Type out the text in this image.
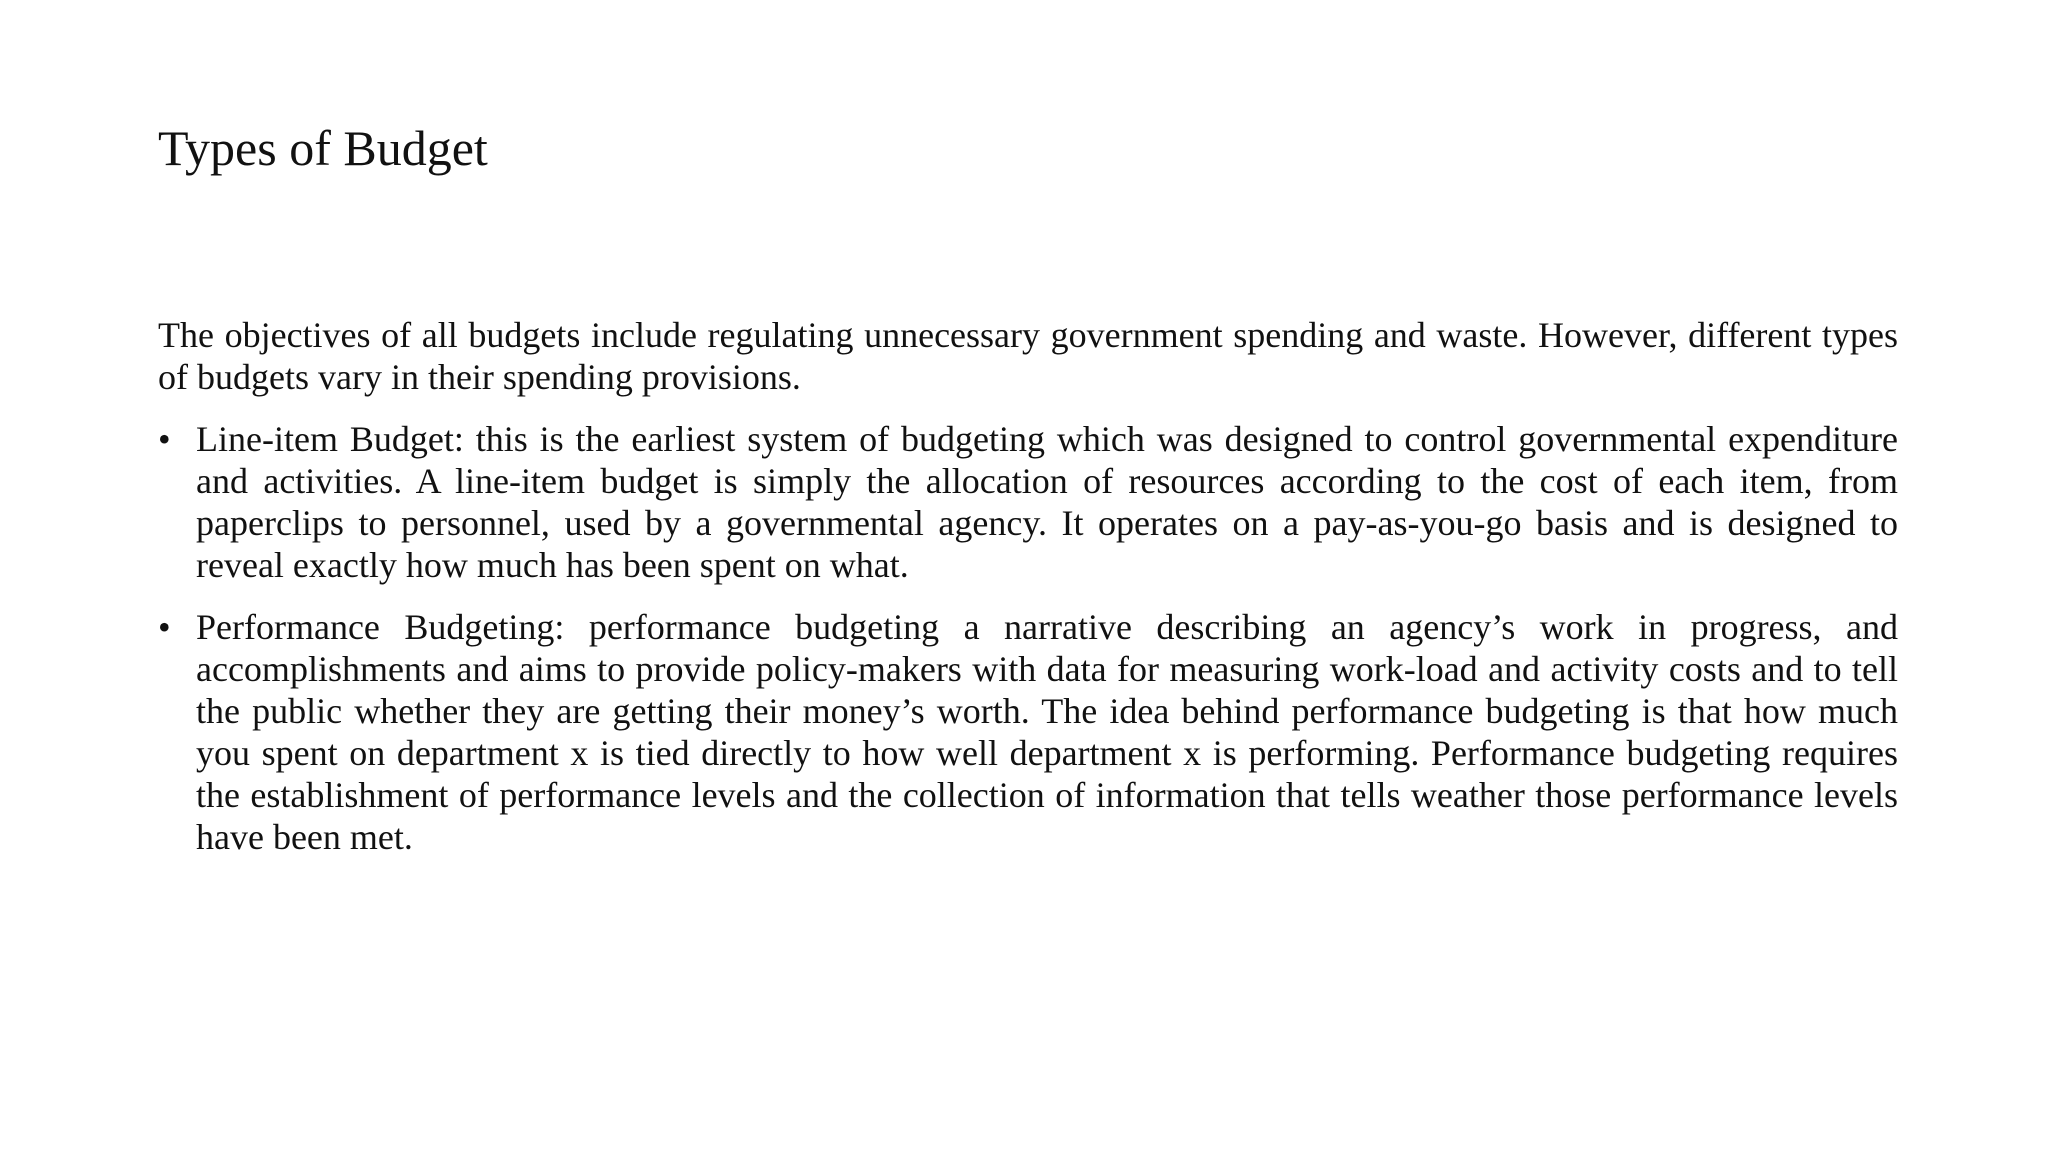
Types of Budget

The objectives of all budgets include regulating unnecessary government spending and waste. However, different types of budgets vary in their spending provisions.

• Line-item Budget: this is the earliest system of budgeting which was designed to control governmental expenditure and activities. A line-item budget is simply the allocation of resources according to the cost of each item, from paperclips to personnel, used by a governmental agency. It operates on a pay-as-you-go basis and is designed to reveal exactly how much has been spent on what.
• Performance Budgeting: performance budgeting a narrative describing an agency’s work in progress, and accomplishments and aims to provide policy-makers with data for measuring work-load and activity costs and to tell the public whether they are getting their money’s worth. The idea behind performance budgeting is that how much you spent on department x is tied directly to how well department x is performing. Performance budgeting requires the establishment of performance levels and the collection of information that tells weather those performance levels have been met.
